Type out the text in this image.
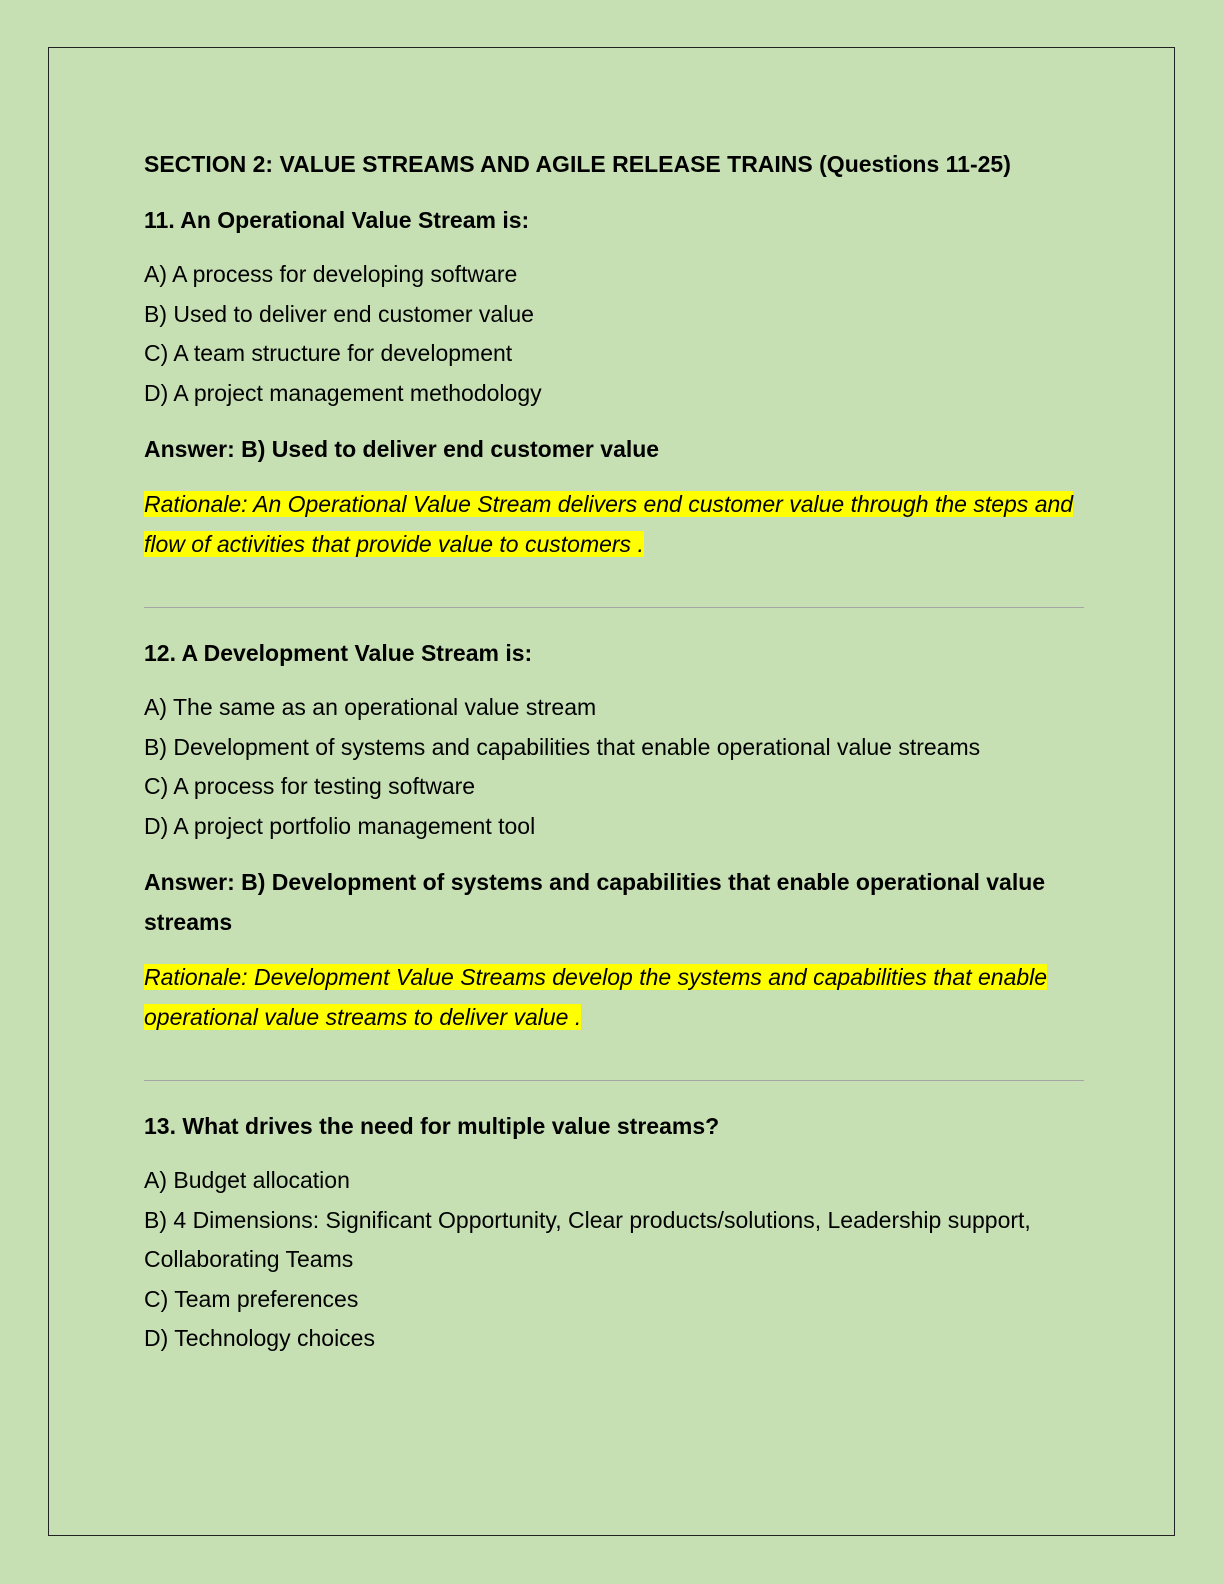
SECTION 2: VALUE STREAMS AND AGILE RELEASE TRAINS (Questions 11-25)
11. An Operational Value Stream is:
A) A process for developing software
B) Used to deliver end customer value
C) A team structure for development
D) A project management methodology
Answer: B) Used to deliver end customer value
Rationale: An Operational Value Stream delivers end customer value through the steps and flow of activities that provide value to customers .
12. A Development Value Stream is:
A) The same as an operational value stream
B) Development of systems and capabilities that enable operational value streams
C) A process for testing software
D) A project portfolio management tool
Answer: B) Development of systems and capabilities that enable operational value streams
Rationale: Development Value Streams develop the systems and capabilities that enable operational value streams to deliver value .
13. What drives the need for multiple value streams?
A) Budget allocation
B) 4 Dimensions: Significant Opportunity, Clear products/solutions, Leadership support, Collaborating Teams
C) Team preferences
D) Technology choices
